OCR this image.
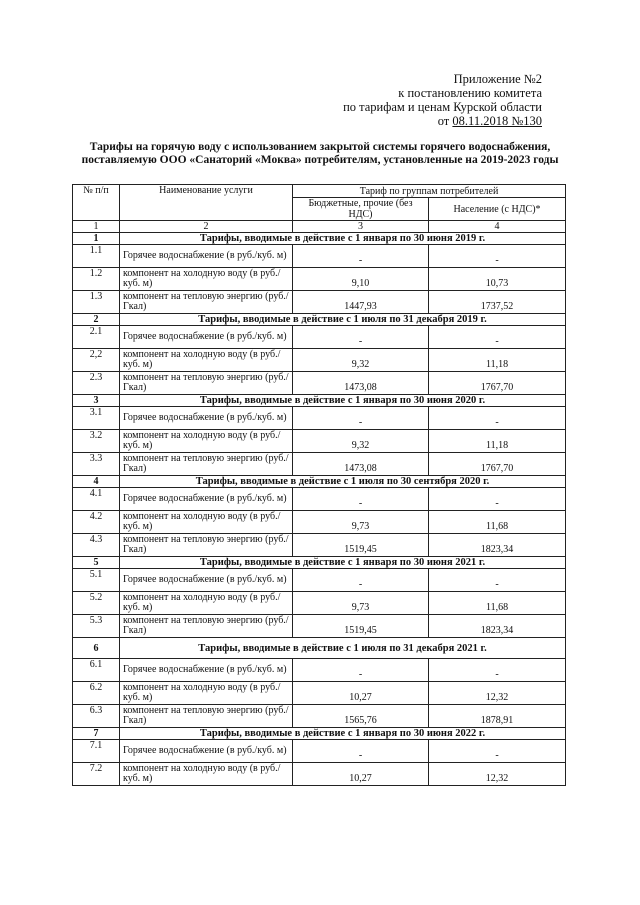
Приложение №2
к постановлению комитета
по тарифам и ценам Курской области
от 08.11.2018 №130
Тарифы на горячую воду с использованием закрытой системы горячего водоснабжения, поставляемую ООО «Санаторий «Моква» потребителям, установленные на 2019-2023 годы
№ п/п	Наименование услуги	Тариф по группам потребителей	
		Бюджетные, прочие (без НДС)	Население (с НДС)*
1	2	3	4
1	Тарифы, вводимые в действие с 1 января по 30 июня 2019 г.		
1.1	Горячее водоснабжение (в руб./куб. м)	-	-
1.2	компонент на холодную воду (в руб./куб. м)	9,10	10,73
1.3	компонент на тепловую энергию (руб./Гкал)	1447,93	1737,52
2	Тарифы, вводимые в действие с 1 июля по 31 декабря 2019 г.		
2.1	Горячее водоснабжение (в руб./куб. м)	-	-
2,2	компонент на холодную воду (в руб./куб. м)	9,32	11,18
2.3	компонент на тепловую энергию (руб./Гкал)	1473,08	1767,70
3	Тарифы, вводимые в действие с 1 января по 30 июня 2020 г.		
3.1	Горячее водоснабжение (в руб./куб. м)	-	-
3.2	компонент на холодную воду (в руб./куб. м)	9,32	11,18
3.3	компонент на тепловую энергию (руб./Гкал)	1473,08	1767,70
4	Тарифы, вводимые в действие с 1 июля по 30 сентября 2020 г.		
4.1	Горячее водоснабжение (в руб./куб. м)	-	-
4.2	компонент на холодную воду (в руб./куб. м)	9,73	11,68
4.3	компонент на тепловую энергию (руб./Гкал)	1519,45	1823,34
5	Тарифы, вводимые в действие с 1 января по 30 июня 2021 г.		
5.1	Горячее водоснабжение (в руб./куб. м)	-	-
5.2	компонент на холодную воду (в руб./куб. м)	9,73	11,68
5.3	компонент на тепловую энергию (руб./Гкал)	1519,45	1823,34
6	Тарифы, вводимые в действие с 1 июля по 31 декабря 2021 г.		
6.1	Горячее водоснабжение (в руб./куб. м)	-	-
6.2	компонент на холодную воду (в руб./куб. м)	10,27	12,32
6.3	компонент на тепловую энергию (руб./Гкал)	1565,76	1878,91
7	Тарифы, вводимые в действие с 1 января по 30 июня 2022 г.		
7.1	Горячее водоснабжение (в руб./куб. м)	-	-
7.2	компонент на холодную воду (в руб./куб. м)	10,27	12,32
